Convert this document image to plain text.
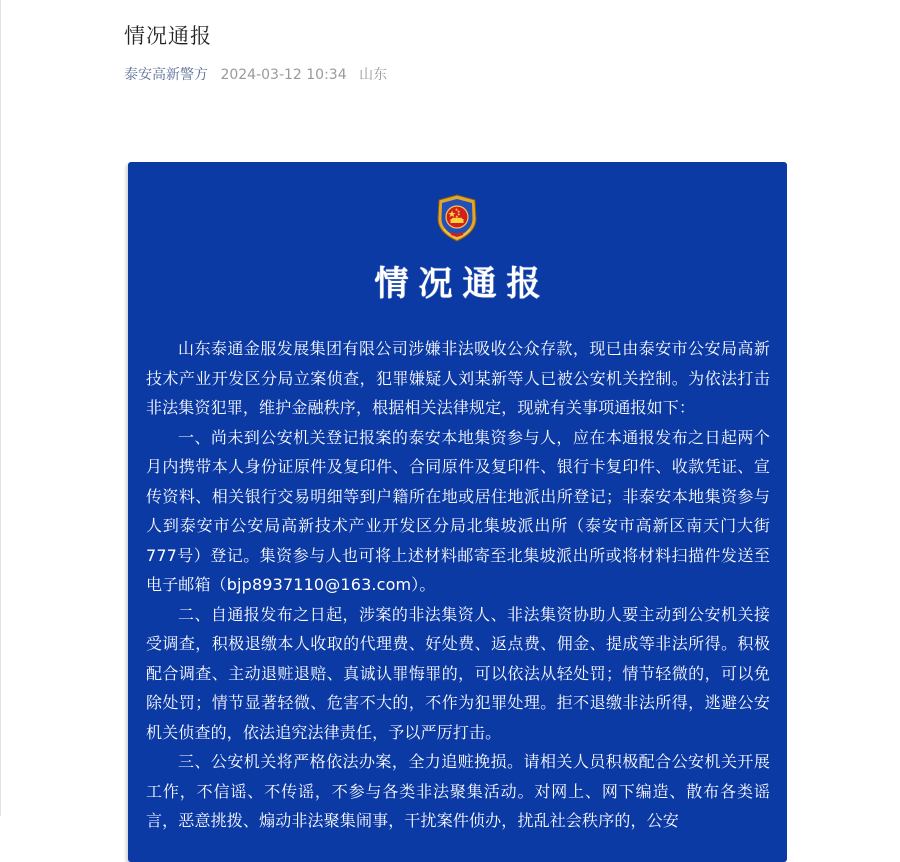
情况通报
泰安高新警方 2024-03-12 10:34 山东
情况通报

山东泰通金服发展集团有限公司涉嫌非法吸收公众存款，现已由泰安市公安局高新技术产业开发区分局立案侦查，犯罪嫌疑人刘某新等人已被公安机关控制。为依法打击非法集资犯罪，维护金融秩序，根据相关法律规定，现就有关事项通报如下：

一、尚未到公安机关登记报案的泰安本地集资参与人，应在本通报发布之日起两个月内携带本人身份证原件及复印件、合同原件及复印件、银行卡复印件、收款凭证、宣传资料、相关银行交易明细等到户籍所在地或居住地派出所登记；非泰安本地集资参与人到泰安市公安局高新技术产业开发区分局北集坡派出所（泰安市高新区南天门大街777号）登记。集资参与人也可将上述材料邮寄至北集坡派出所或将材料扫描件发送至电子邮箱（bjp8937110@163.com）。

二、自通报发布之日起，涉案的非法集资人、非法集资协助人要主动到公安机关接受调查，积极退缴本人收取的代理费、好处费、返点费、佣金、提成等非法所得。积极配合调查、主动退赃退赔、真诚认罪悔罪的，可以依法从轻处罚；情节轻微的，可以免除处罚；情节显著轻微、危害不大的，不作为犯罪处理。拒不退缴非法所得，逃避公安机关侦查的，依法追究法律责任，予以严厉打击。

三、公安机关将严格依法办案，全力追赃挽损。请相关人员积极配合公安机关开展工作，不信谣、不传谣，不参与各类非法聚集活动。对网上、网下编造、散布各类谣言，恶意挑拨、煽动非法聚集闹事，干扰案件侦办，扰乱社会秩序的，公安
